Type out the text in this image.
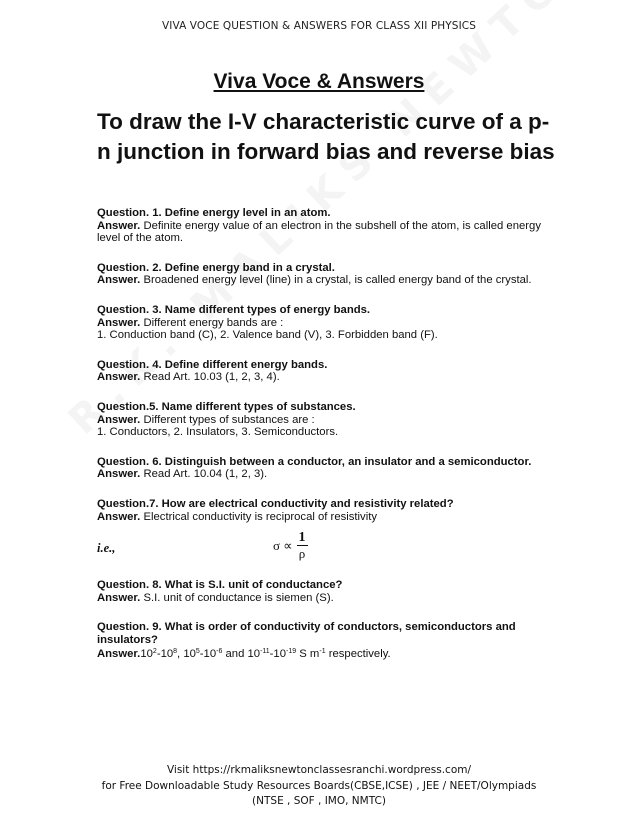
VIVA VOCE QUESTION & ANSWERS FOR CLASS XII PHYSICS
Viva Voce & Answers
To draw the I-V characteristic curve of a p-n junction in forward bias and reverse bias
Question. 1. Define energy level in an atom.
Answer. Definite energy value of an electron in the subshell of the atom, is called energy level of the atom.
Question. 2. Define energy band in a crystal.
Answer. Broadened energy level (line) in a crystal, is called energy band of the crystal.
Question. 3. Name different types of energy bands.
Answer. Different energy bands are :
1. Conduction band (C), 2. Valence band (V), 3. Forbidden band (F).
Question. 4. Define different energy bands.
Answer. Read Art. 10.03 (1, 2, 3, 4).
Question.5. Name different types of substances.
Answer. Different types of substances are :
1. Conductors, 2. Insulators, 3. Semiconductors.
Question. 6. Distinguish between a conductor, an insulator and a semiconductor.
Answer. Read Art. 10.04 (1, 2, 3).
Question.7. How are electrical conductivity and resistivity related?
Answer. Electrical conductivity is reciprocal of resistivity
i.e.,	$\sigma \propto \frac{1}{\rho}$
Question. 8. What is S.I. unit of conductance?
Answer. S.I. unit of conductance is siemen (S).
Question. 9. What is order of conductivity of conductors, semiconductors and insulators?
$Answer.10^2-10^8$, $10^5-10^{-6}$ and $10^{-11}-10^{-19}$ S $m^{-1}$ respectively.
Visit https://rkmaliksnewtonclassesranchi.wordpress.com/
for Free Downloadable Study Resources Boards(CBSE,ICSE) , JEE / NEET/Olympiads
(NTSE , SOF , IMO, NMTC)
